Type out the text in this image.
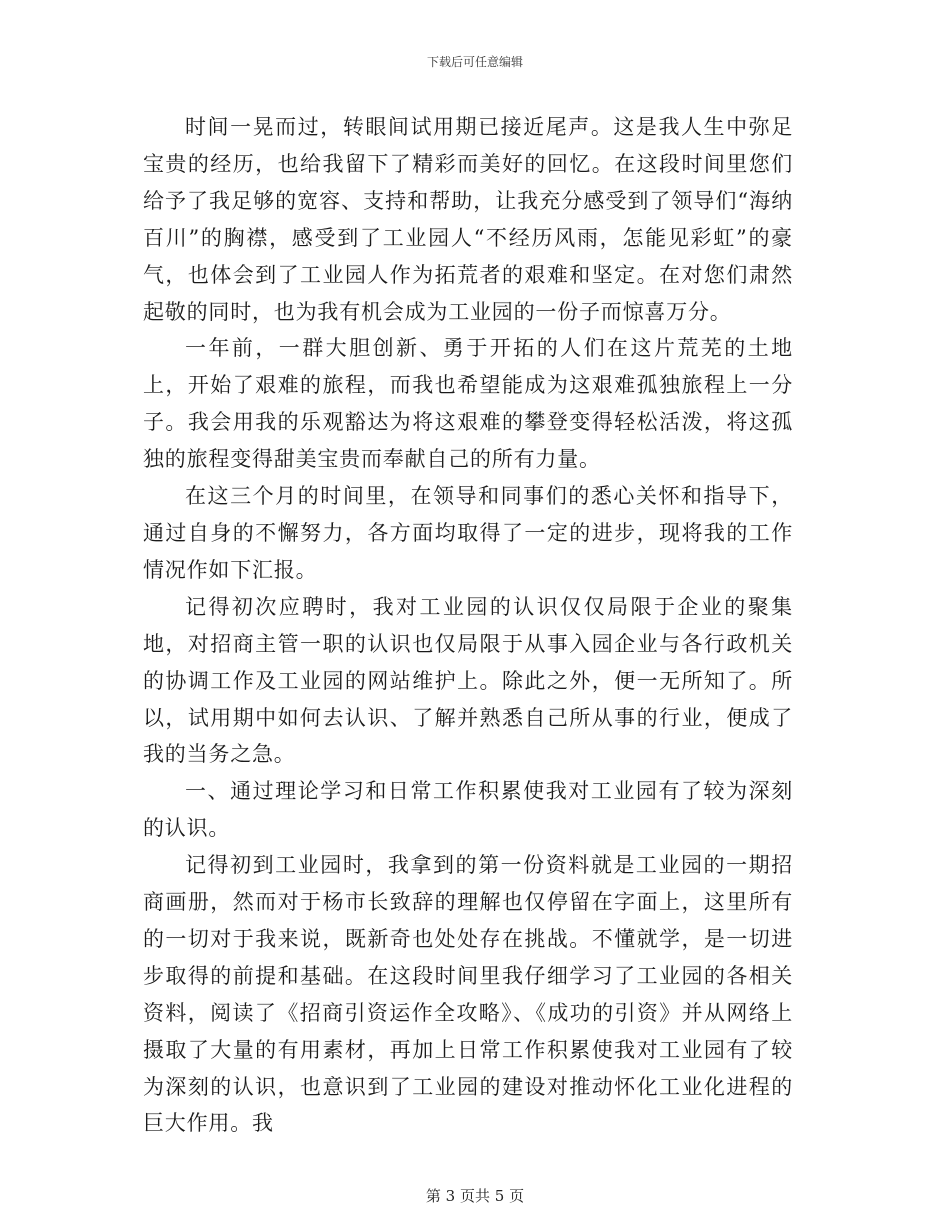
下载后可任意编辑

时间一晃而过，转眼间试用期已接近尾声。这是我人生中弥足宝贵的经历，也给我留下了精彩而美好的回忆。在这段时间里您们给予了我足够的宽容、支持和帮助，让我充分感受到了领导们“海纳百川”的胸襟，感受到了工业园人“不经历风雨，怎能见彩虹”的豪气，也体会到了工业园人作为拓荒者的艰难和坚定。在对您们肃然起敬的同时，也为我有机会成为工业园的一份子而惊喜万分。

一年前，一群大胆创新、勇于开拓的人们在这片荒芜的土地上，开始了艰难的旅程，而我也希望能成为这艰难孤独旅程上一分子。我会用我的乐观豁达为将这艰难的攀登变得轻松活泼，将这孤独的旅程变得甜美宝贵而奉献自己的所有力量。

在这三个月的时间里，在领导和同事们的悉心关怀和指导下，通过自身的不懈努力，各方面均取得了一定的进步，现将我的工作情况作如下汇报。

记得初次应聘时，我对工业园的认识仅仅局限于企业的聚集地，对招商主管一职的认识也仅局限于从事入园企业与各行政机关的协调工作及工业园的网站维护上。除此之外，便一无所知了。所以，试用期中如何去认识、了解并熟悉自己所从事的行业，便成了我的当务之急。

一、通过理论学习和日常工作积累使我对工业园有了较为深刻的认识。

记得初到工业园时，我拿到的第一份资料就是工业园的一期招商画册，然而对于杨市长致辞的理解也仅停留在字面上，这里所有的一切对于我来说，既新奇也处处存在挑战。不懂就学，是一切进步取得的前提和基础。在这段时间里我仔细学习了工业园的各相关资料，阅读了《招商引资运作全攻略》、《成功的引资》并从网络上摄取了大量的有用素材，再加上日常工作积累使我对工业园有了较为深刻的认识，也意识到了工业园的建设对推动怀化工业化进程的巨大作用。我

第 3 页共 5 页
